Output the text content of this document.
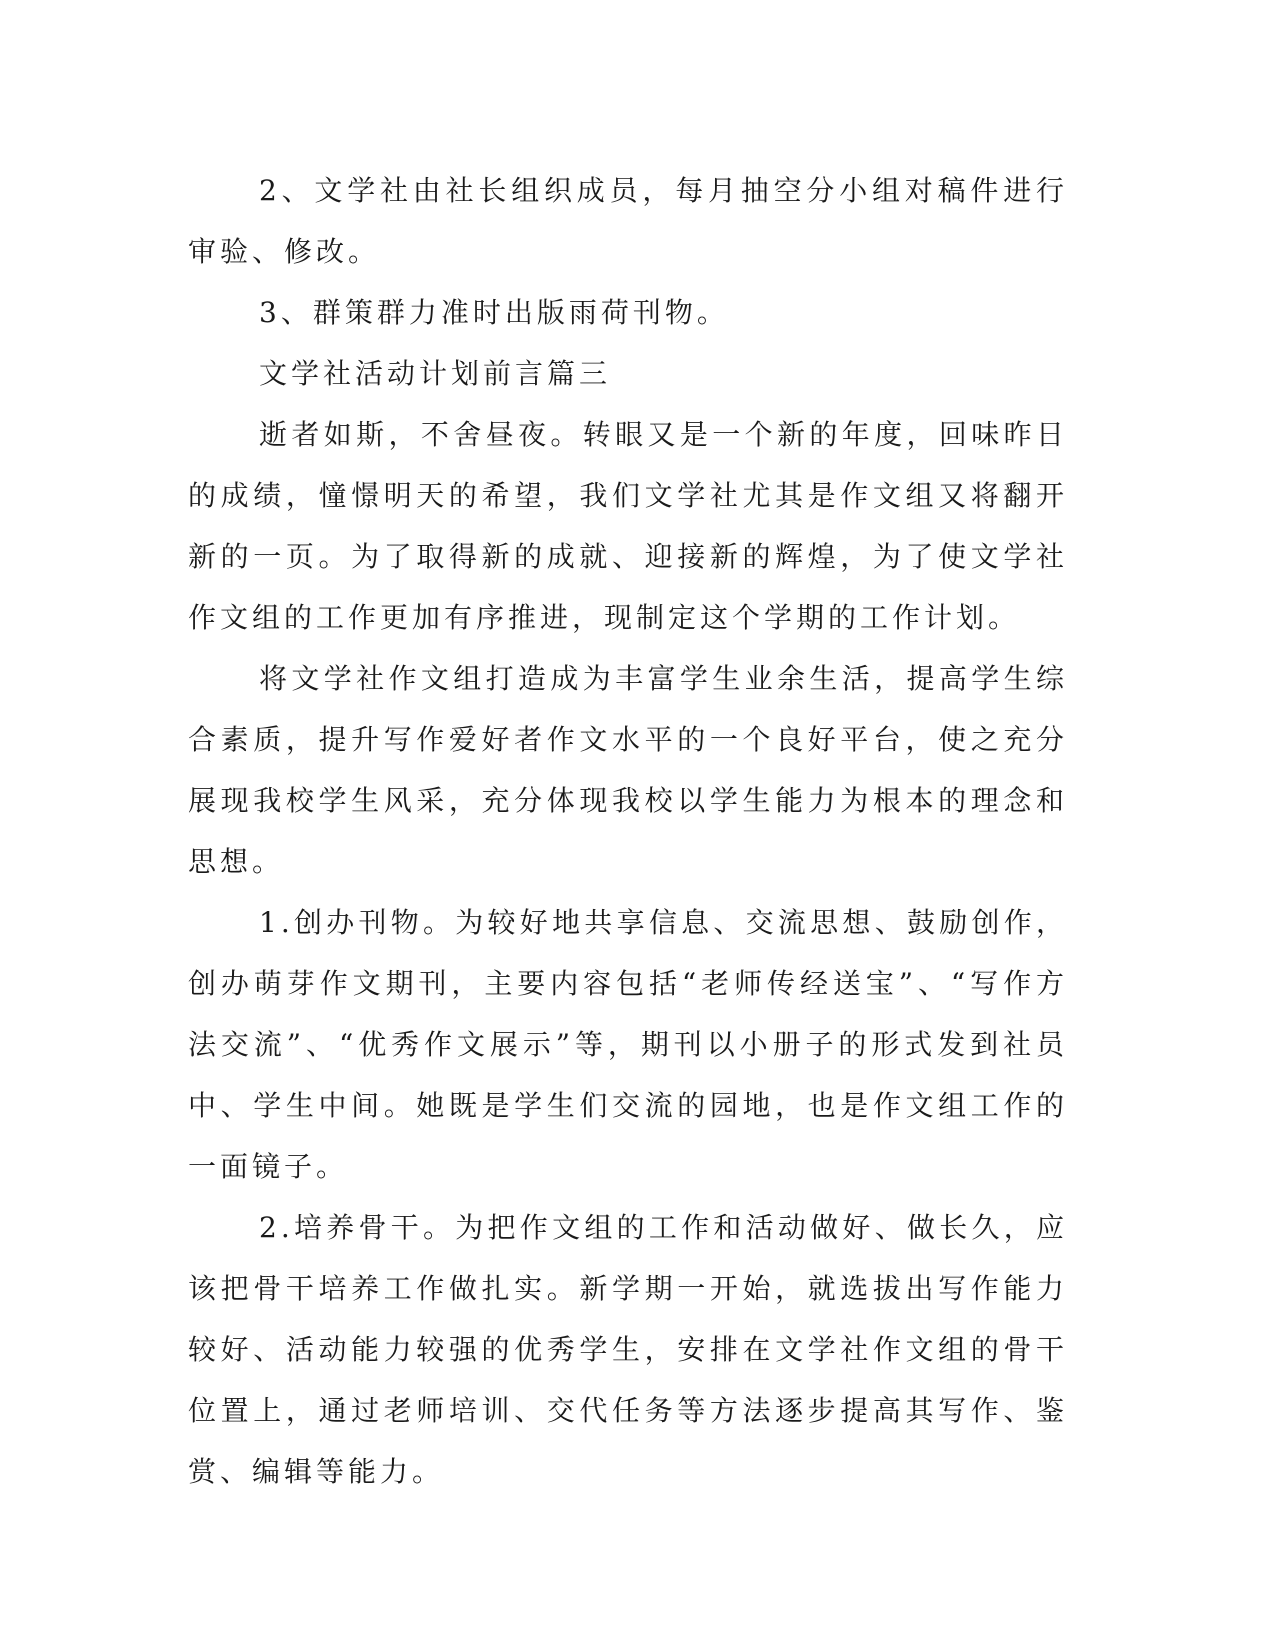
2、文学社由社长组织成员，每月抽空分小组对稿件进行审验、修改。

3、群策群力准时出版雨荷刊物。

文学社活动计划前言篇三

逝者如斯，不舍昼夜。转眼又是一个新的年度，回味昨日的成绩，憧憬明天的希望，我们文学社尤其是作文组又将翻开新的一页。为了取得新的成就、迎接新的辉煌，为了使文学社作文组的工作更加有序推进，现制定这个学期的工作计划。

将文学社作文组打造成为丰富学生业余生活，提高学生综合素质，提升写作爱好者作文水平的一个良好平台，使之充分展现我校学生风采，充分体现我校以学生能力为根本的理念和思想。

1.创办刊物。为较好地共享信息、交流思想、鼓励创作，创办萌芽作文期刊，主要内容包括“老师传经送宝”、“写作方法交流”、“优秀作文展示”等，期刊以小册子的形式发到社员中、学生中间。她既是学生们交流的园地，也是作文组工作的一面镜子。

2.培养骨干。为把作文组的工作和活动做好、做长久，应该把骨干培养工作做扎实。新学期一开始，就选拔出写作能力较好、活动能力较强的优秀学生，安排在文学社作文组的骨干位置上，通过老师培训、交代任务等方法逐步提高其写作、鉴赏、编辑等能力。
